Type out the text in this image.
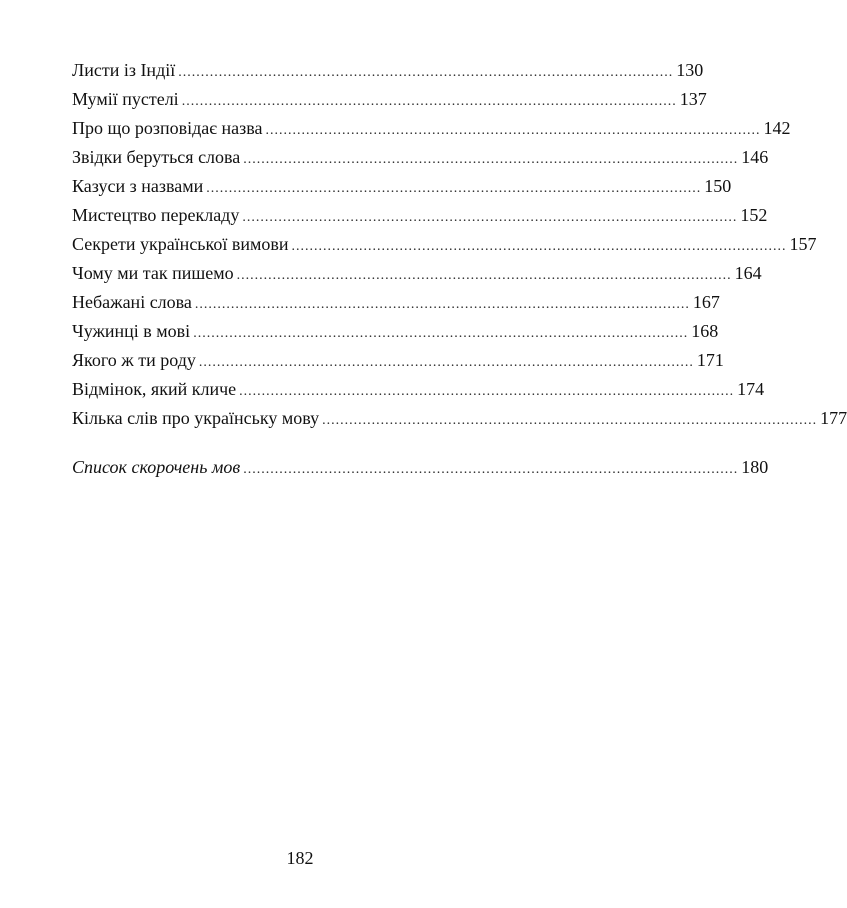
Листи із Індії .............................................................................................................. 130
Мумії пустелі .............................................................................................................. 137
Про що розповідає назва .............................................................................................................. 142
Звідки беруться слова .............................................................................................................. 146
Казуси з назвами .............................................................................................................. 150
Мистецтво перекладу .............................................................................................................. 152
Секрети української вимови .............................................................................................................. 157
Чому ми так пишемо .............................................................................................................. 164
Небажані слова .............................................................................................................. 167
Чужинці в мові .............................................................................................................. 168
Якого ж ти роду .............................................................................................................. 171
Відмінок, який кличе .............................................................................................................. 174
Кілька слів про українську мову .............................................................................................................. 177
Список скорочень мов .............................................................................................................. 180
182
